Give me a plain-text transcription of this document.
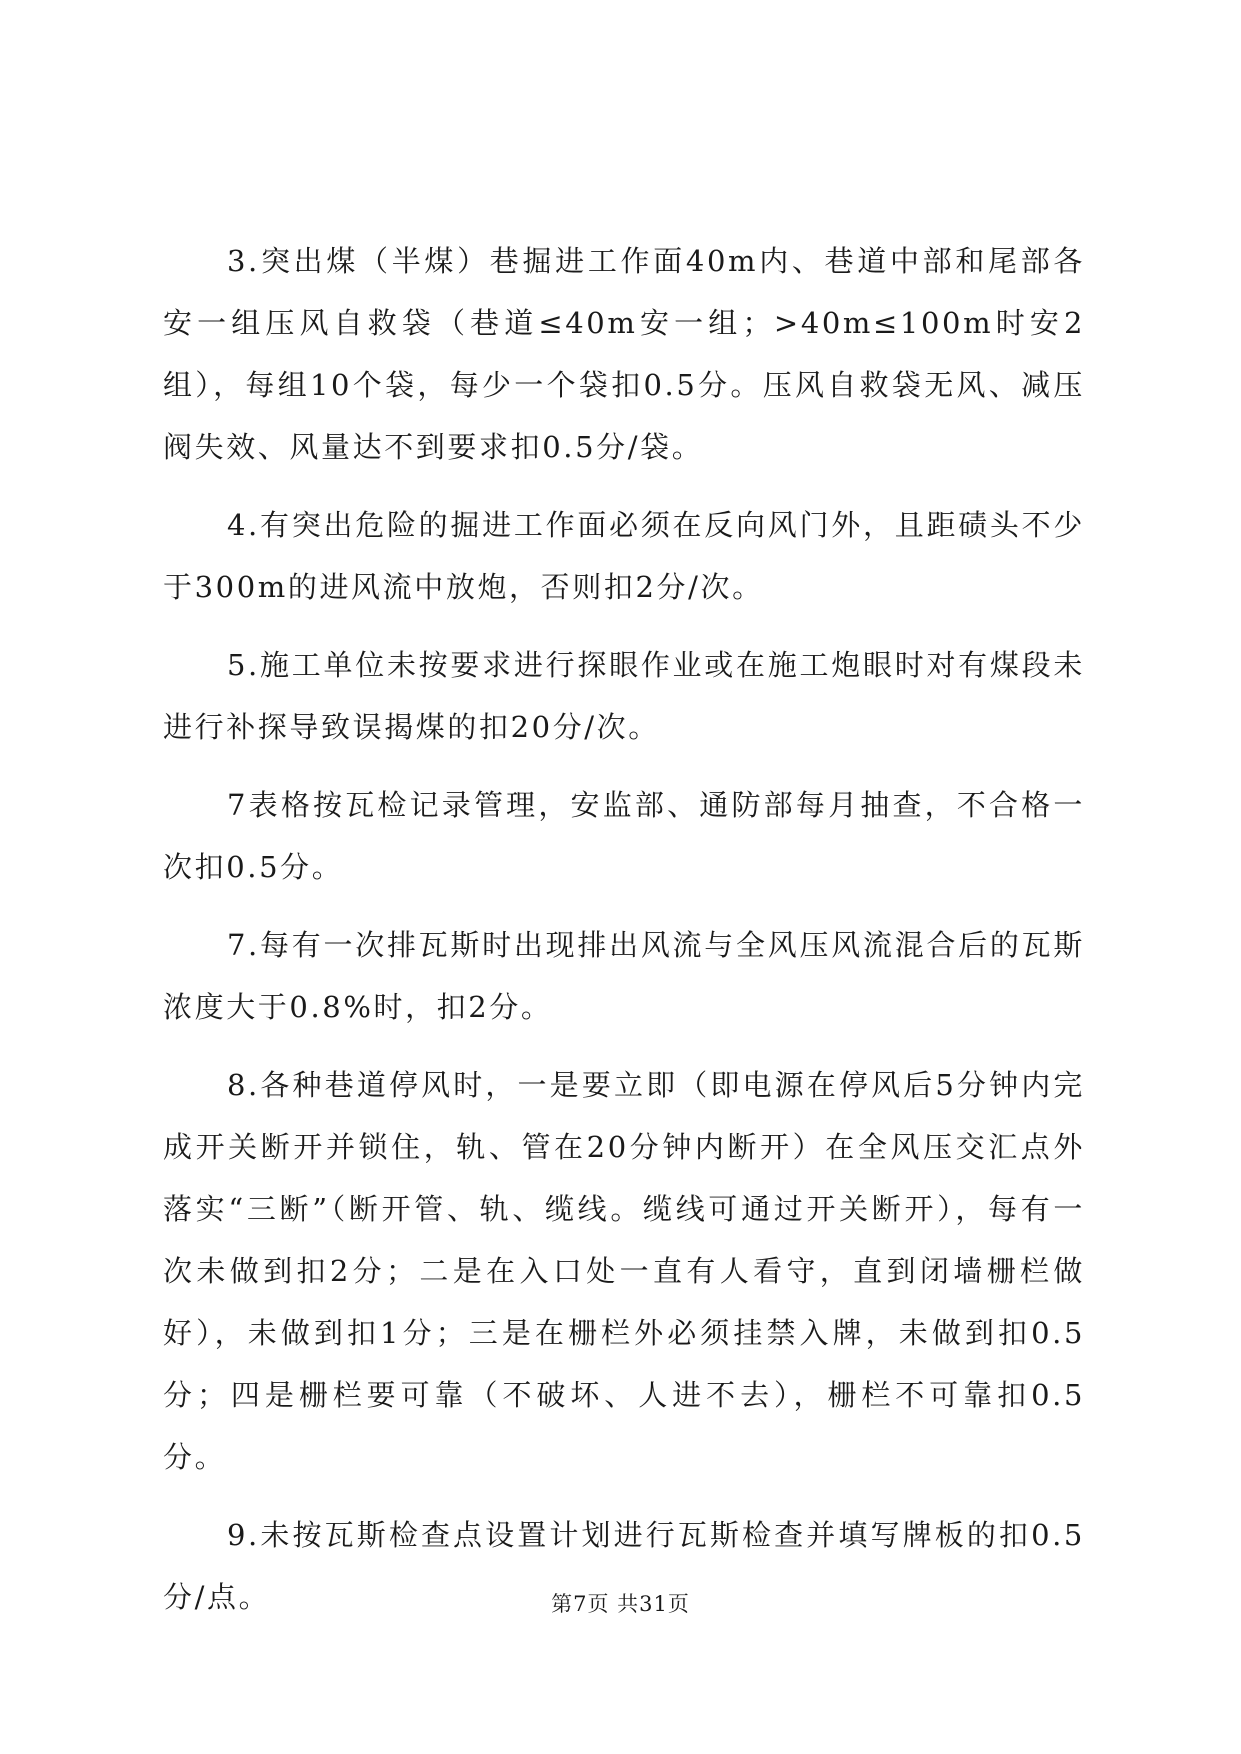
3.突出煤（半煤）巷掘进工作面40m内、巷道中部和尾部各安一组压风自救袋（巷道≤40m安一组；>40m≤100m时安2组），每组10个袋，每少一个袋扣0.5分。压风自救袋无风、减压阀失效、风量达不到要求扣0.5分/袋。

4.有突出危险的掘进工作面必须在反向风门外，且距碛头不少于300m的进风流中放炮，否则扣2分/次。

5.施工单位未按要求进行探眼作业或在施工炮眼时对有煤段未进行补探导致误揭煤的扣20分/次。

7表格按瓦检记录管理，安监部、通防部每月抽查，不合格一次扣0.5分。

7.每有一次排瓦斯时出现排出风流与全风压风流混合后的瓦斯浓度大于0.8%时，扣2分。

8.各种巷道停风时，一是要立即（即电源在停风后5分钟内完成开关断开并锁住，轨、管在20分钟内断开）在全风压交汇点外落实“三断”（断开管、轨、缆线。缆线可通过开关断开），每有一次未做到扣2分；二是在入口处一直有人看守，直到闭墙栅栏做好），未做到扣1分；三是在栅栏外必须挂禁入牌，未做到扣0.5分；四是栅栏要可靠（不破坏、人进不去），栅栏不可靠扣0.5分。

9.未按瓦斯检查点设置计划进行瓦斯检查并填写牌板的扣0.5分/点。	第7页 共31页
